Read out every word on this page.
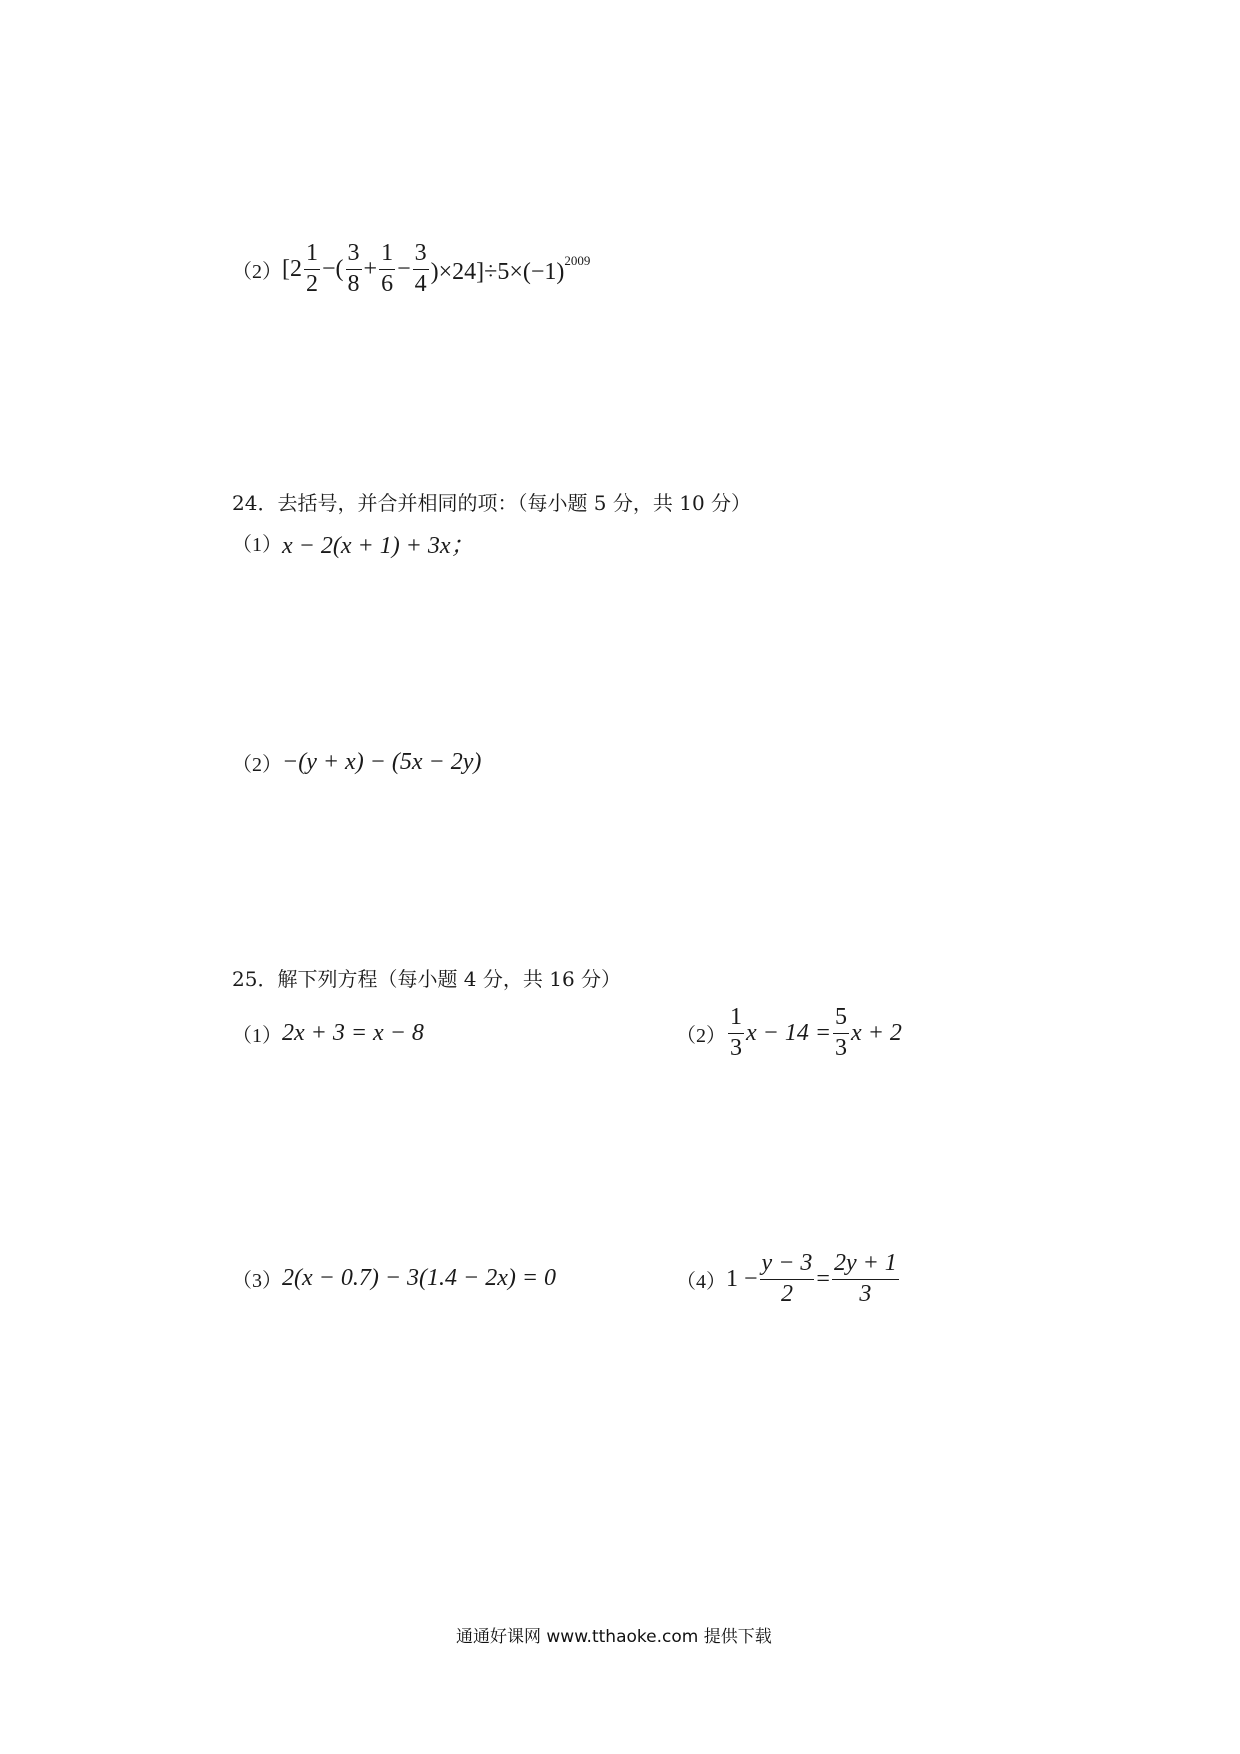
（2） [$2 \frac{1}{2}$ −( $\frac{3}{8} + \frac{1}{6} - \frac{3}{4} )\times 24]\div 5\times(-1)^{2009}$
24．去括号，并合并相同的项：（每小题 5 分，共 10 分）
（1） x − 2(x + 1) + 3x；
（2） −(y + x) − (5x − 2y)
25．解下列方程（每小题 4 分，共 16 分）
（1） 2x + 3 = x − 8	$(2) \frac{1}{3}$ $x - 14 = \frac{5}{3}$ x + 2
（3） 2(x − 0.7) − 3(1.4 − 2x) = 0	（4） $1 - \frac{y - 3}{2} = \frac{2y + 1}{3}$
通通好课网 www.tthaoke.com 提供下载
